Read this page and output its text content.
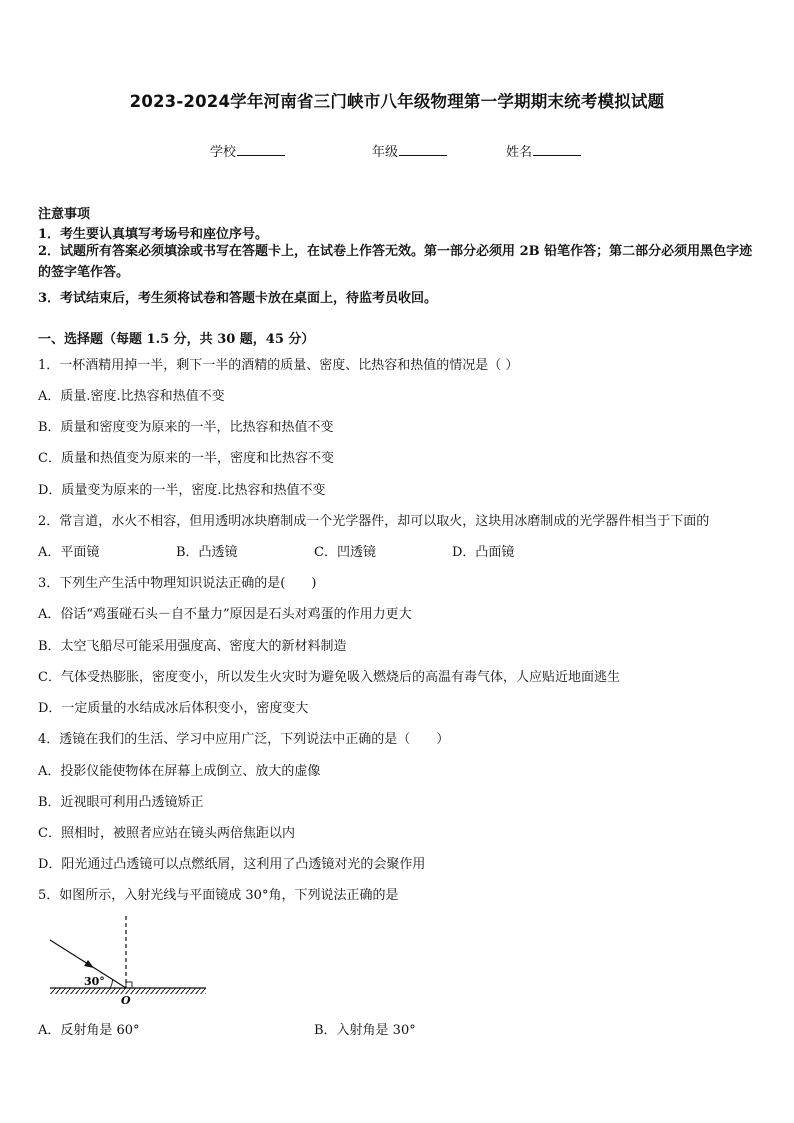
2023-2024学年河南省三门峡市八年级物理第一学期期末统考模拟试题
学校	年级	姓名
注意事项
1．考生要认真填写考场号和座位序号。
2．试题所有答案必须填涂或书写在答题卡上，在试卷上作答无效。第一部分必须用 2B 铅笔作答；第二部分必须用黑色字迹的签字笔作答。
3．考试结束后，考生须将试卷和答题卡放在桌面上，待监考员收回。
一、选择题（每题 1.5 分，共 30 题，45 分）
1．一杯酒精用掉一半，剩下一半的酒精的质量、密度、比热容和热值的情况是（ ）
A．质量.密度.比热容和热值不变
B．质量和密度变为原来的一半，比热容和热值不变
C．质量和热值变为原来的一半，密度和比热容不变
D．质量变为原来的一半，密度.比热容和热值不变
2．常言道，水火不相容，但用透明冰块磨制成一个光学器件，却可以取火，这块用冰磨制成的光学器件相当于下面的
A．平面镜	B．凸透镜	C．凹透镜	D．凸面镜
3．下列生产生活中物理知识说法正确的是(　　)
A．俗话“鸡蛋碰石头－自不量力”原因是石头对鸡蛋的作用力更大
B．太空飞船尽可能采用强度高、密度大的新材料制造
C．气体受热膨胀，密度变小，所以发生火灾时为避免吸入燃烧后的高温有毒气体，人应贴近地面逃生
D．一定质量的水结成冰后体积变小，密度变大
4．透镜在我们的生活、学习中应用广泛，下列说法中正确的是（　　）
A．投影仪能使物体在屏幕上成倒立、放大的虚像
B．近视眼可利用凸透镜矫正
C．照相时，被照者应站在镜头两倍焦距以内
D．阳光通过凸透镜可以点燃纸屑，这利用了凸透镜对光的会聚作用
5．如图所示，入射光线与平面镜成 30°角，下列说法正确的是
30°
O
A．反射角是 60°	B．入射角是 30°
